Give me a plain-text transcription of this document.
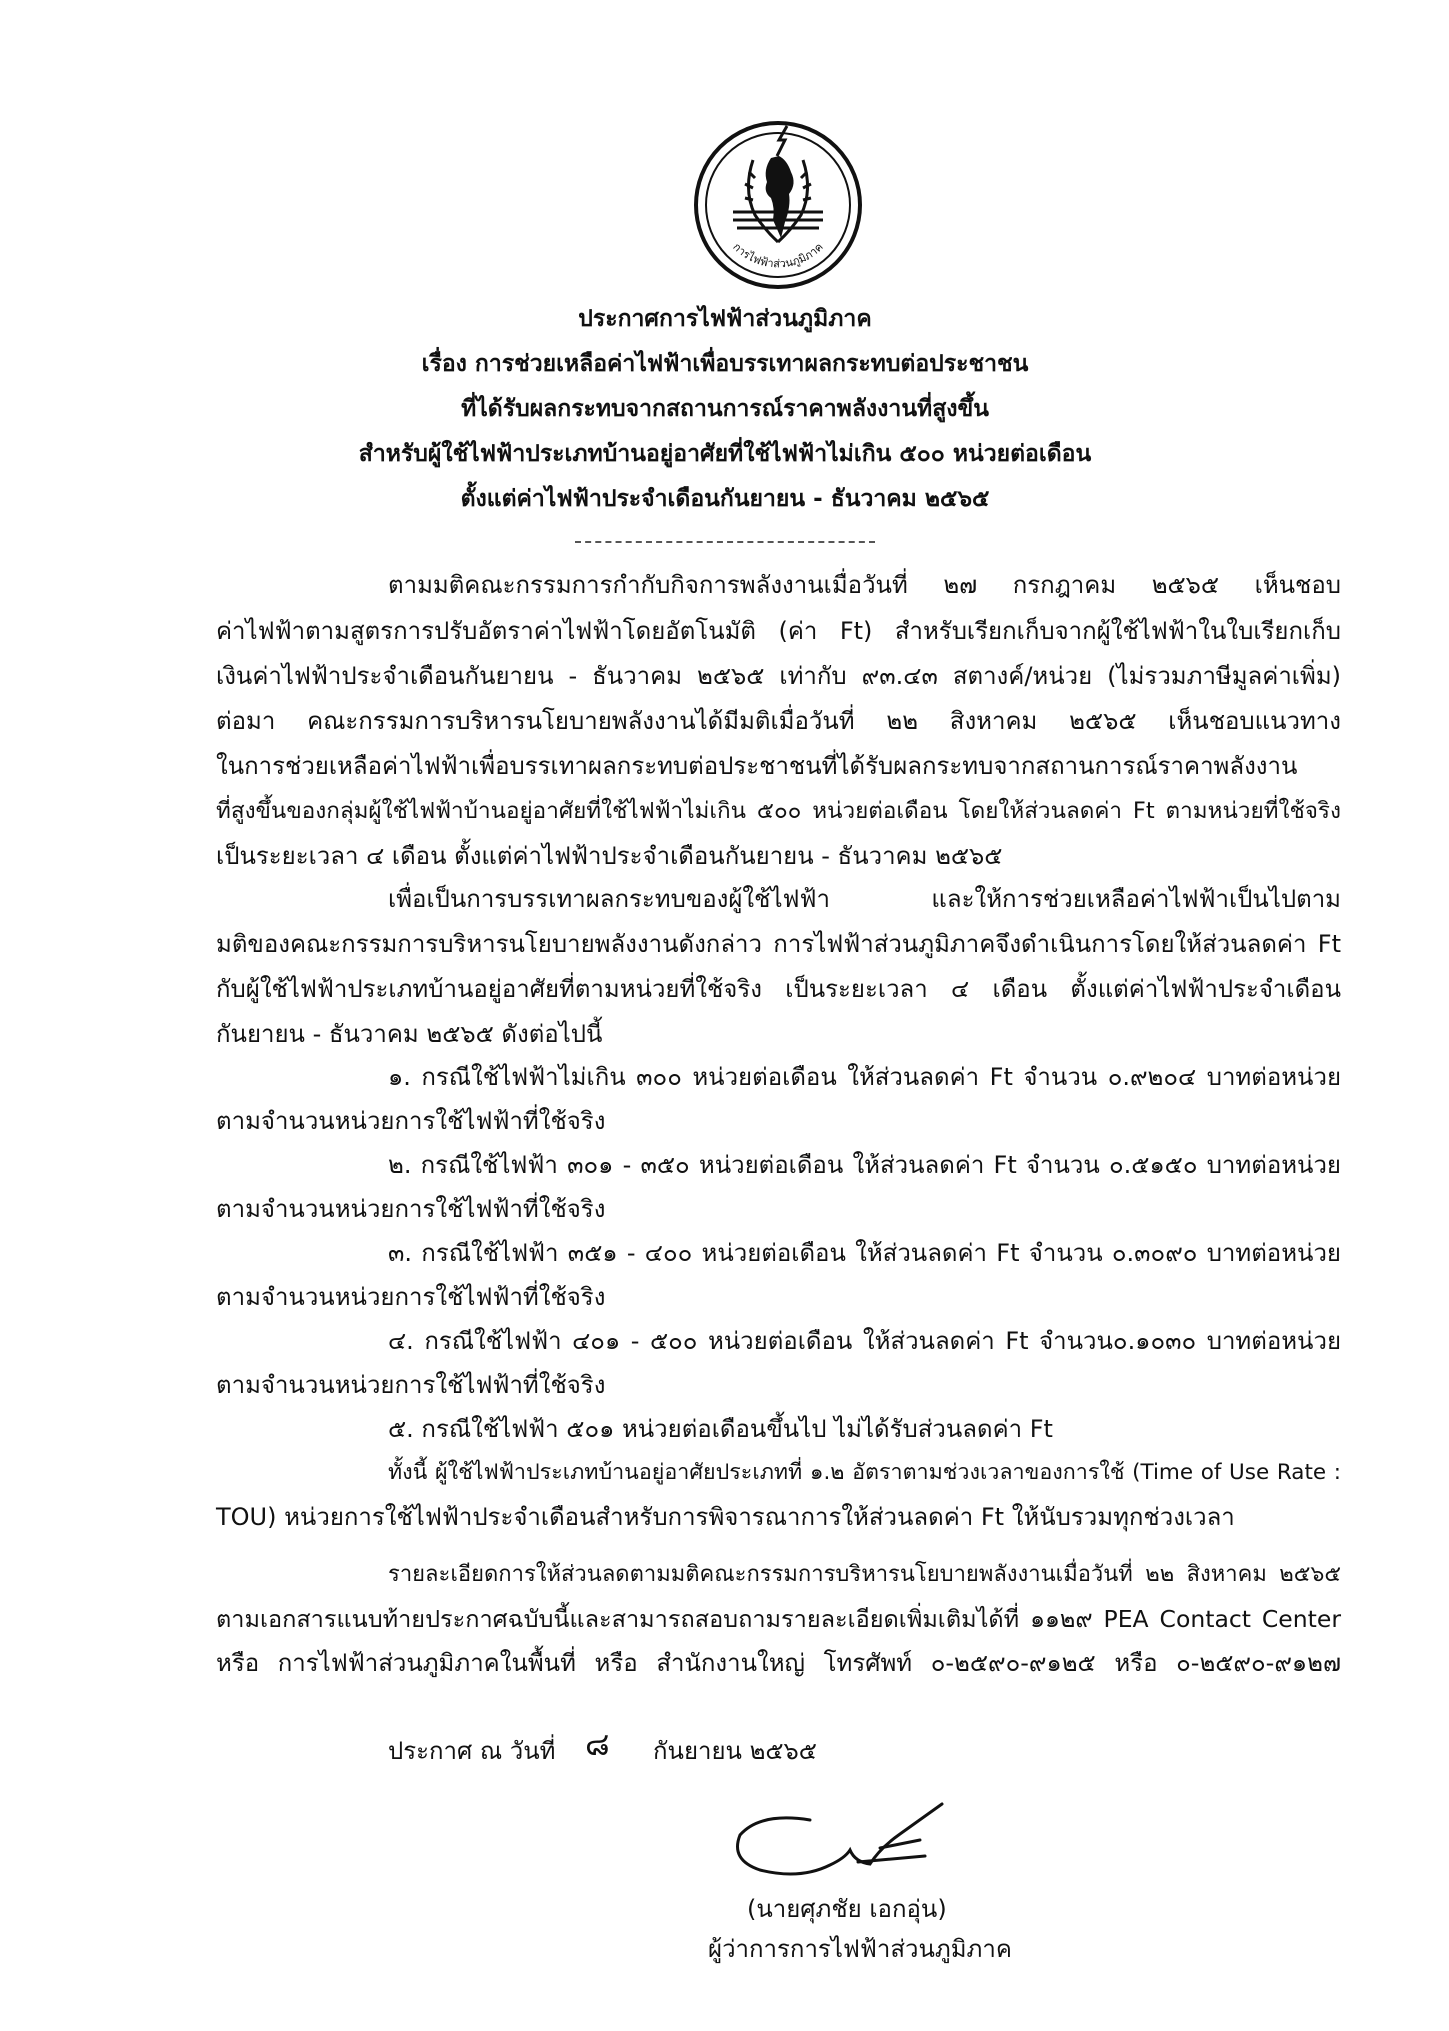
การไฟฟ้าส่วนภูมิภาค
ประกาศการไฟฟ้าส่วนภูมิภาค
เรื่อง การช่วยเหลือค่าไฟฟ้าเพื่อบรรเทาผลกระทบต่อประชาชน
ที่ได้รับผลกระทบจากสถานการณ์ราคาพลังงานที่สูงขึ้น
สำหรับผู้ใช้ไฟฟ้าประเภทบ้านอยู่อาศัยที่ใช้ไฟฟ้าไม่เกิน ๕๐๐ หน่วยต่อเดือน
ตั้งแต่ค่าไฟฟ้าประจำเดือนกันยายน - ธันวาคม ๒๕๖๕
ตามมติคณะกรรมการกำกับกิจการพลังงานเมื่อวันที่ ๒๗ กรกฎาคม ๒๕๖๕ เห็นชอบ
ค่าไฟฟ้าตามสูตรการปรับอัตราค่าไฟฟ้าโดยอัตโนมัติ (ค่า Ft) สำหรับเรียกเก็บจากผู้ใช้ไฟฟ้าในใบเรียกเก็บ
เงินค่าไฟฟ้าประจำเดือนกันยายน - ธันวาคม ๒๕๖๕ เท่ากับ ๙๓.๔๓ สตางค์/หน่วย (ไม่รวมภาษีมูลค่าเพิ่ม)
ต่อมา คณะกรรมการบริหารนโยบายพลังงานได้มีมติเมื่อวันที่ ๒๒ สิงหาคม ๒๕๖๕ เห็นชอบแนวทาง
ในการช่วยเหลือค่าไฟฟ้าเพื่อบรรเทาผลกระทบต่อประชาชนที่ได้รับผลกระทบจากสถานการณ์ราคาพลังงาน
ที่สูงขึ้นของกลุ่มผู้ใช้ไฟฟ้าบ้านอยู่อาศัยที่ใช้ไฟฟ้าไม่เกิน ๕๐๐ หน่วยต่อเดือน โดยให้ส่วนลดค่า Ft ตามหน่วยที่ใช้จริง
เป็นระยะเวลา ๔ เดือน ตั้งแต่ค่าไฟฟ้าประจำเดือนกันยายน - ธันวาคม ๒๕๖๕
เพื่อเป็นการบรรเทาผลกระทบของผู้ใช้ไฟฟ้า และให้การช่วยเหลือค่าไฟฟ้าเป็นไปตาม
มติของคณะกรรมการบริหารนโยบายพลังงานดังกล่าว การไฟฟ้าส่วนภูมิภาคจึงดำเนินการโดยให้ส่วนลดค่า Ft
กับผู้ใช้ไฟฟ้าประเภทบ้านอยู่อาศัยที่ตามหน่วยที่ใช้จริง เป็นระยะเวลา ๔ เดือน ตั้งแต่ค่าไฟฟ้าประจำเดือน
กันยายน - ธันวาคม ๒๕๖๕ ดังต่อไปนี้
๑. กรณีใช้ไฟฟ้าไม่เกิน ๓๐๐ หน่วยต่อเดือน ให้ส่วนลดค่า Ft จำนวน ๐.๙๒๐๔ บาทต่อหน่วย
ตามจำนวนหน่วยการใช้ไฟฟ้าที่ใช้จริง
๒. กรณีใช้ไฟฟ้า ๓๐๑ - ๓๕๐ หน่วยต่อเดือน ให้ส่วนลดค่า Ft จำนวน ๐.๕๑๕๐ บาทต่อหน่วย
ตามจำนวนหน่วยการใช้ไฟฟ้าที่ใช้จริง
๓. กรณีใช้ไฟฟ้า ๓๕๑ - ๔๐๐ หน่วยต่อเดือน ให้ส่วนลดค่า Ft จำนวน ๐.๓๐๙๐ บาทต่อหน่วย
ตามจำนวนหน่วยการใช้ไฟฟ้าที่ใช้จริง
๔. กรณีใช้ไฟฟ้า ๔๐๑ - ๕๐๐ หน่วยต่อเดือน ให้ส่วนลดค่า Ft จำนวน๐.๑๐๓๐ บาทต่อหน่วย
ตามจำนวนหน่วยการใช้ไฟฟ้าที่ใช้จริง
๕. กรณีใช้ไฟฟ้า ๕๐๑ หน่วยต่อเดือนขึ้นไป ไม่ได้รับส่วนลดค่า Ft
ทั้งนี้ ผู้ใช้ไฟฟ้าประเภทบ้านอยู่อาศัยประเภทที่ ๑.๒ อัตราตามช่วงเวลาของการใช้ (Time of Use Rate :
TOU) หน่วยการใช้ไฟฟ้าประจำเดือนสำหรับการพิจารณาการให้ส่วนลดค่า Ft ให้นับรวมทุกช่วงเวลา
รายละเอียดการให้ส่วนลดตามมติคณะกรรมการบริหารนโยบายพลังงานเมื่อวันที่ ๒๒ สิงหาคม ๒๕๖๕
ตามเอกสารแนบท้ายประกาศฉบับนี้และสามารถสอบถามรายละเอียดเพิ่มเติมได้ที่ ๑๑๒๙ PEA Contact Center
หรือ การไฟฟ้าส่วนภูมิภาคในพื้นที่ หรือ สำนักงานใหญ่ โทรศัพท์ ๐-๒๕๙๐-๙๑๒๕ หรือ ๐-๒๕๙๐-๙๑๒๗
ประกาศ ณ วันที่ ๘ กันยายน ๒๕๖๕
(นายศุภชัย เอกอุ่น)
ผู้ว่าการการไฟฟ้าส่วนภูมิภาค
